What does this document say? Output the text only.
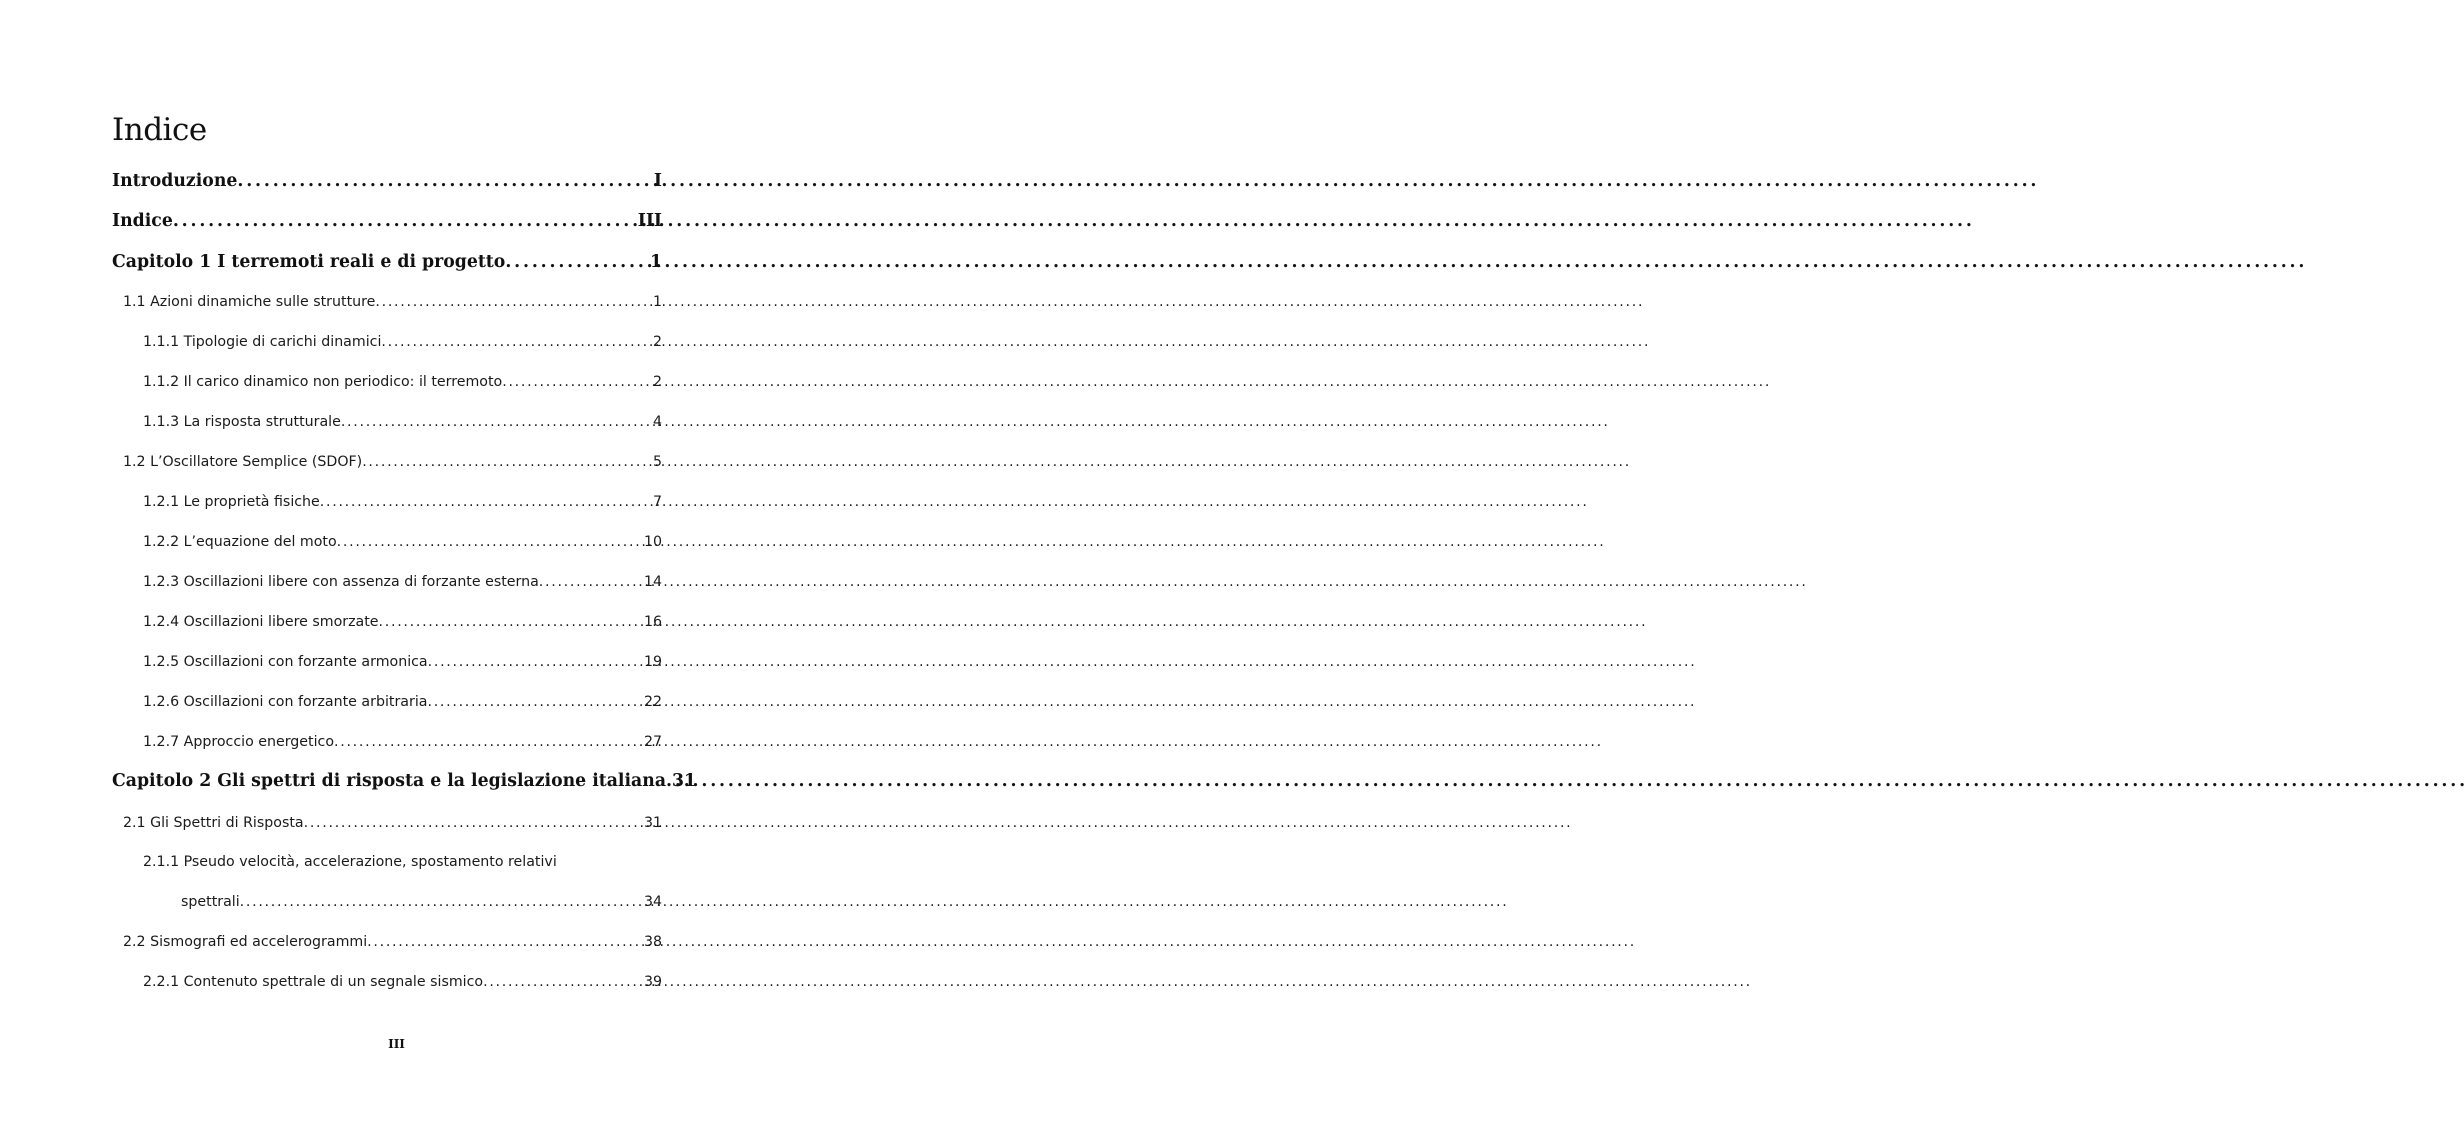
Indice
Introduzione . . .	I
Indice . . .	III
Capitolo 1 I terremoti reali e di progetto . . .	1
1.1 Azioni dinamiche sulle strutture . . .	1
1.1.1 Tipologie di carichi dinamici . . .	2
1.1.2 Il carico dinamico non periodico: il terremoto . . .	2
1.1.3 La risposta strutturale . . .	4
1.2 L’Oscillatore Semplice (SDOF) . . .	5
1.2.1 Le proprietà fisiche . . .	7
1.2.2 L’equazione del moto . . .	10
1.2.3 Oscillazioni libere con assenza di forzante esterna . . .	14
1.2.4 Oscillazioni libere smorzate . . .	16
1.2.5 Oscillazioni con forzante armonica . . .	19
1.2.6 Oscillazioni con forzante arbitraria . . .	22
1.2.7 Approccio energetico . . .	27
Capitolo 2 Gli spettri di risposta e la legislazione italiana . . . 31
2.1 Gli Spettri di Risposta . . .	31
2.1.1 Pseudo velocità, accelerazione, spostamento relativi
spettrali . . .	34
2.2 Sismografi ed accelerogrammi . . .	38
2.2.1 Contenuto spettrale di un segnale sismico . . .	39
III
